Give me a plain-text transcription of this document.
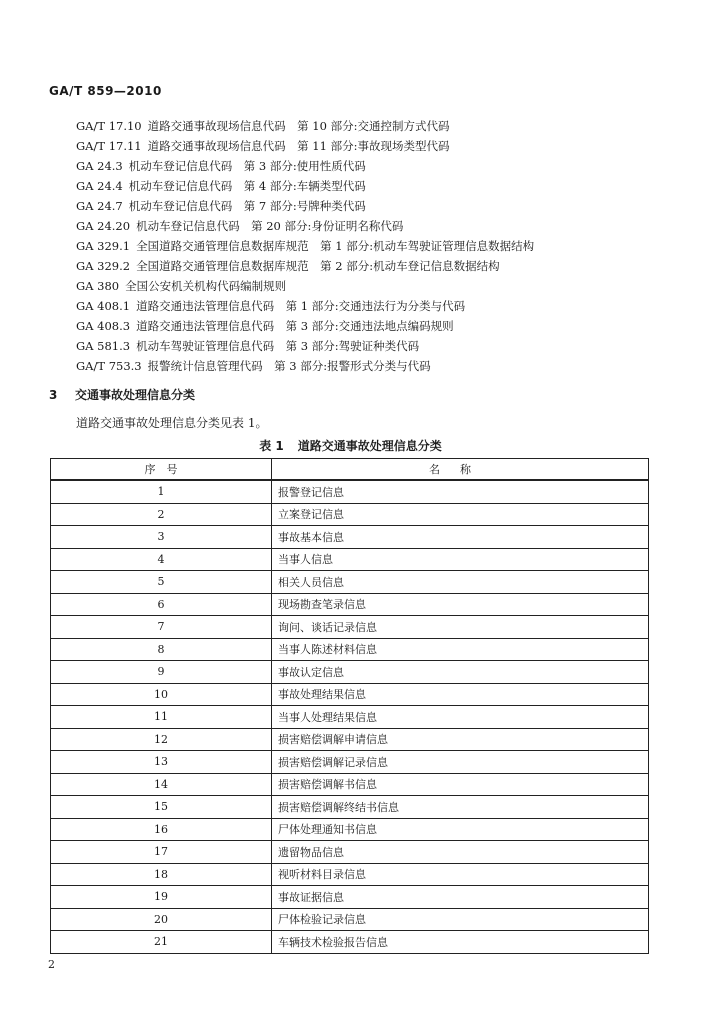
GA/T 859—2010
GA/T 17.10 道路交通事故现场信息代码　第 10 部分:交通控制方式代码
GA/T 17.11 道路交通事故现场信息代码　第 11 部分:事故现场类型代码
GA 24.3 机动车登记信息代码　第 3 部分:使用性质代码
GA 24.4 机动车登记信息代码　第 4 部分:车辆类型代码
GA 24.7 机动车登记信息代码　第 7 部分:号牌种类代码
GA 24.20 机动车登记信息代码　第 20 部分:身份证明名称代码
GA 329.1 全国道路交通管理信息数据库规范　第 1 部分:机动车驾驶证管理信息数据结构
GA 329.2 全国道路交通管理信息数据库规范　第 2 部分:机动车登记信息数据结构
GA 380 全国公安机关机构代码编制规则
GA 408.1 道路交通违法管理信息代码　第 1 部分:交通违法行为分类与代码
GA 408.3 道路交通违法管理信息代码　第 3 部分:交通违法地点编码规则
GA 581.3 机动车驾驶证管理信息代码　第 3 部分:驾驶证种类代码
GA/T 753.3 报警统计信息管理代码　第 3 部分:报警形式分类与代码
3 交通事故处理信息分类
道路交通事故处理信息分类见表 1。
表 1 道路交通事故处理信息分类
序　号	名称
1	报警登记信息
2	立案登记信息
3	事故基本信息
4	当事人信息
5	相关人员信息
6	现场勘查笔录信息
7	询问、谈话记录信息
8	当事人陈述材料信息
9	事故认定信息
10	事故处理结果信息
11	当事人处理结果信息
12	损害赔偿调解申请信息
13	损害赔偿调解记录信息
14	损害赔偿调解书信息
15	损害赔偿调解终结书信息
16	尸体处理通知书信息
17	遗留物品信息
18	视听材料目录信息
19	事故证据信息
20	尸体检验记录信息
21	车辆技术检验报告信息
2
